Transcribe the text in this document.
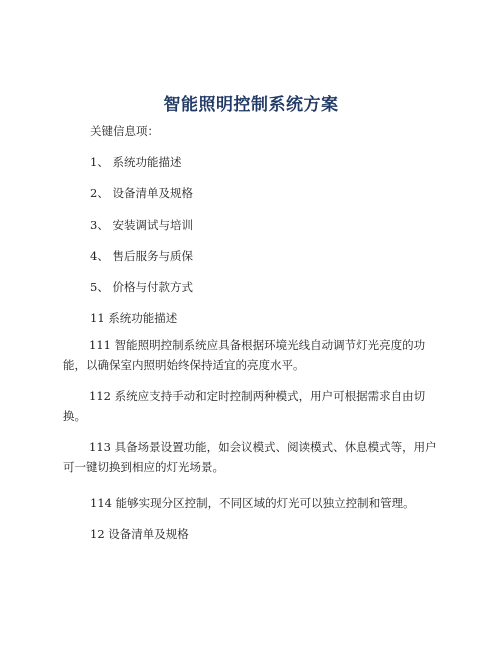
智能照明控制系统方案
关键信息项：
1、 系统功能描述
2、 设备清单及规格
3、 安装调试与培训
4、 售后服务与质保
5、 价格与付款方式
11 系统功能描述
111 智能照明控制系统应具备根据环境光线自动调节灯光亮度的功能，以确保室内照明始终保持适宜的亮度水平。
112 系统应支持手动和定时控制两种模式，用户可根据需求自由切换。
113 具备场景设置功能，如会议模式、阅读模式、休息模式等，用户可一键切换到相应的灯光场景。
114 能够实现分区控制，不同区域的灯光可以独立控制和管理。
12 设备清单及规格
